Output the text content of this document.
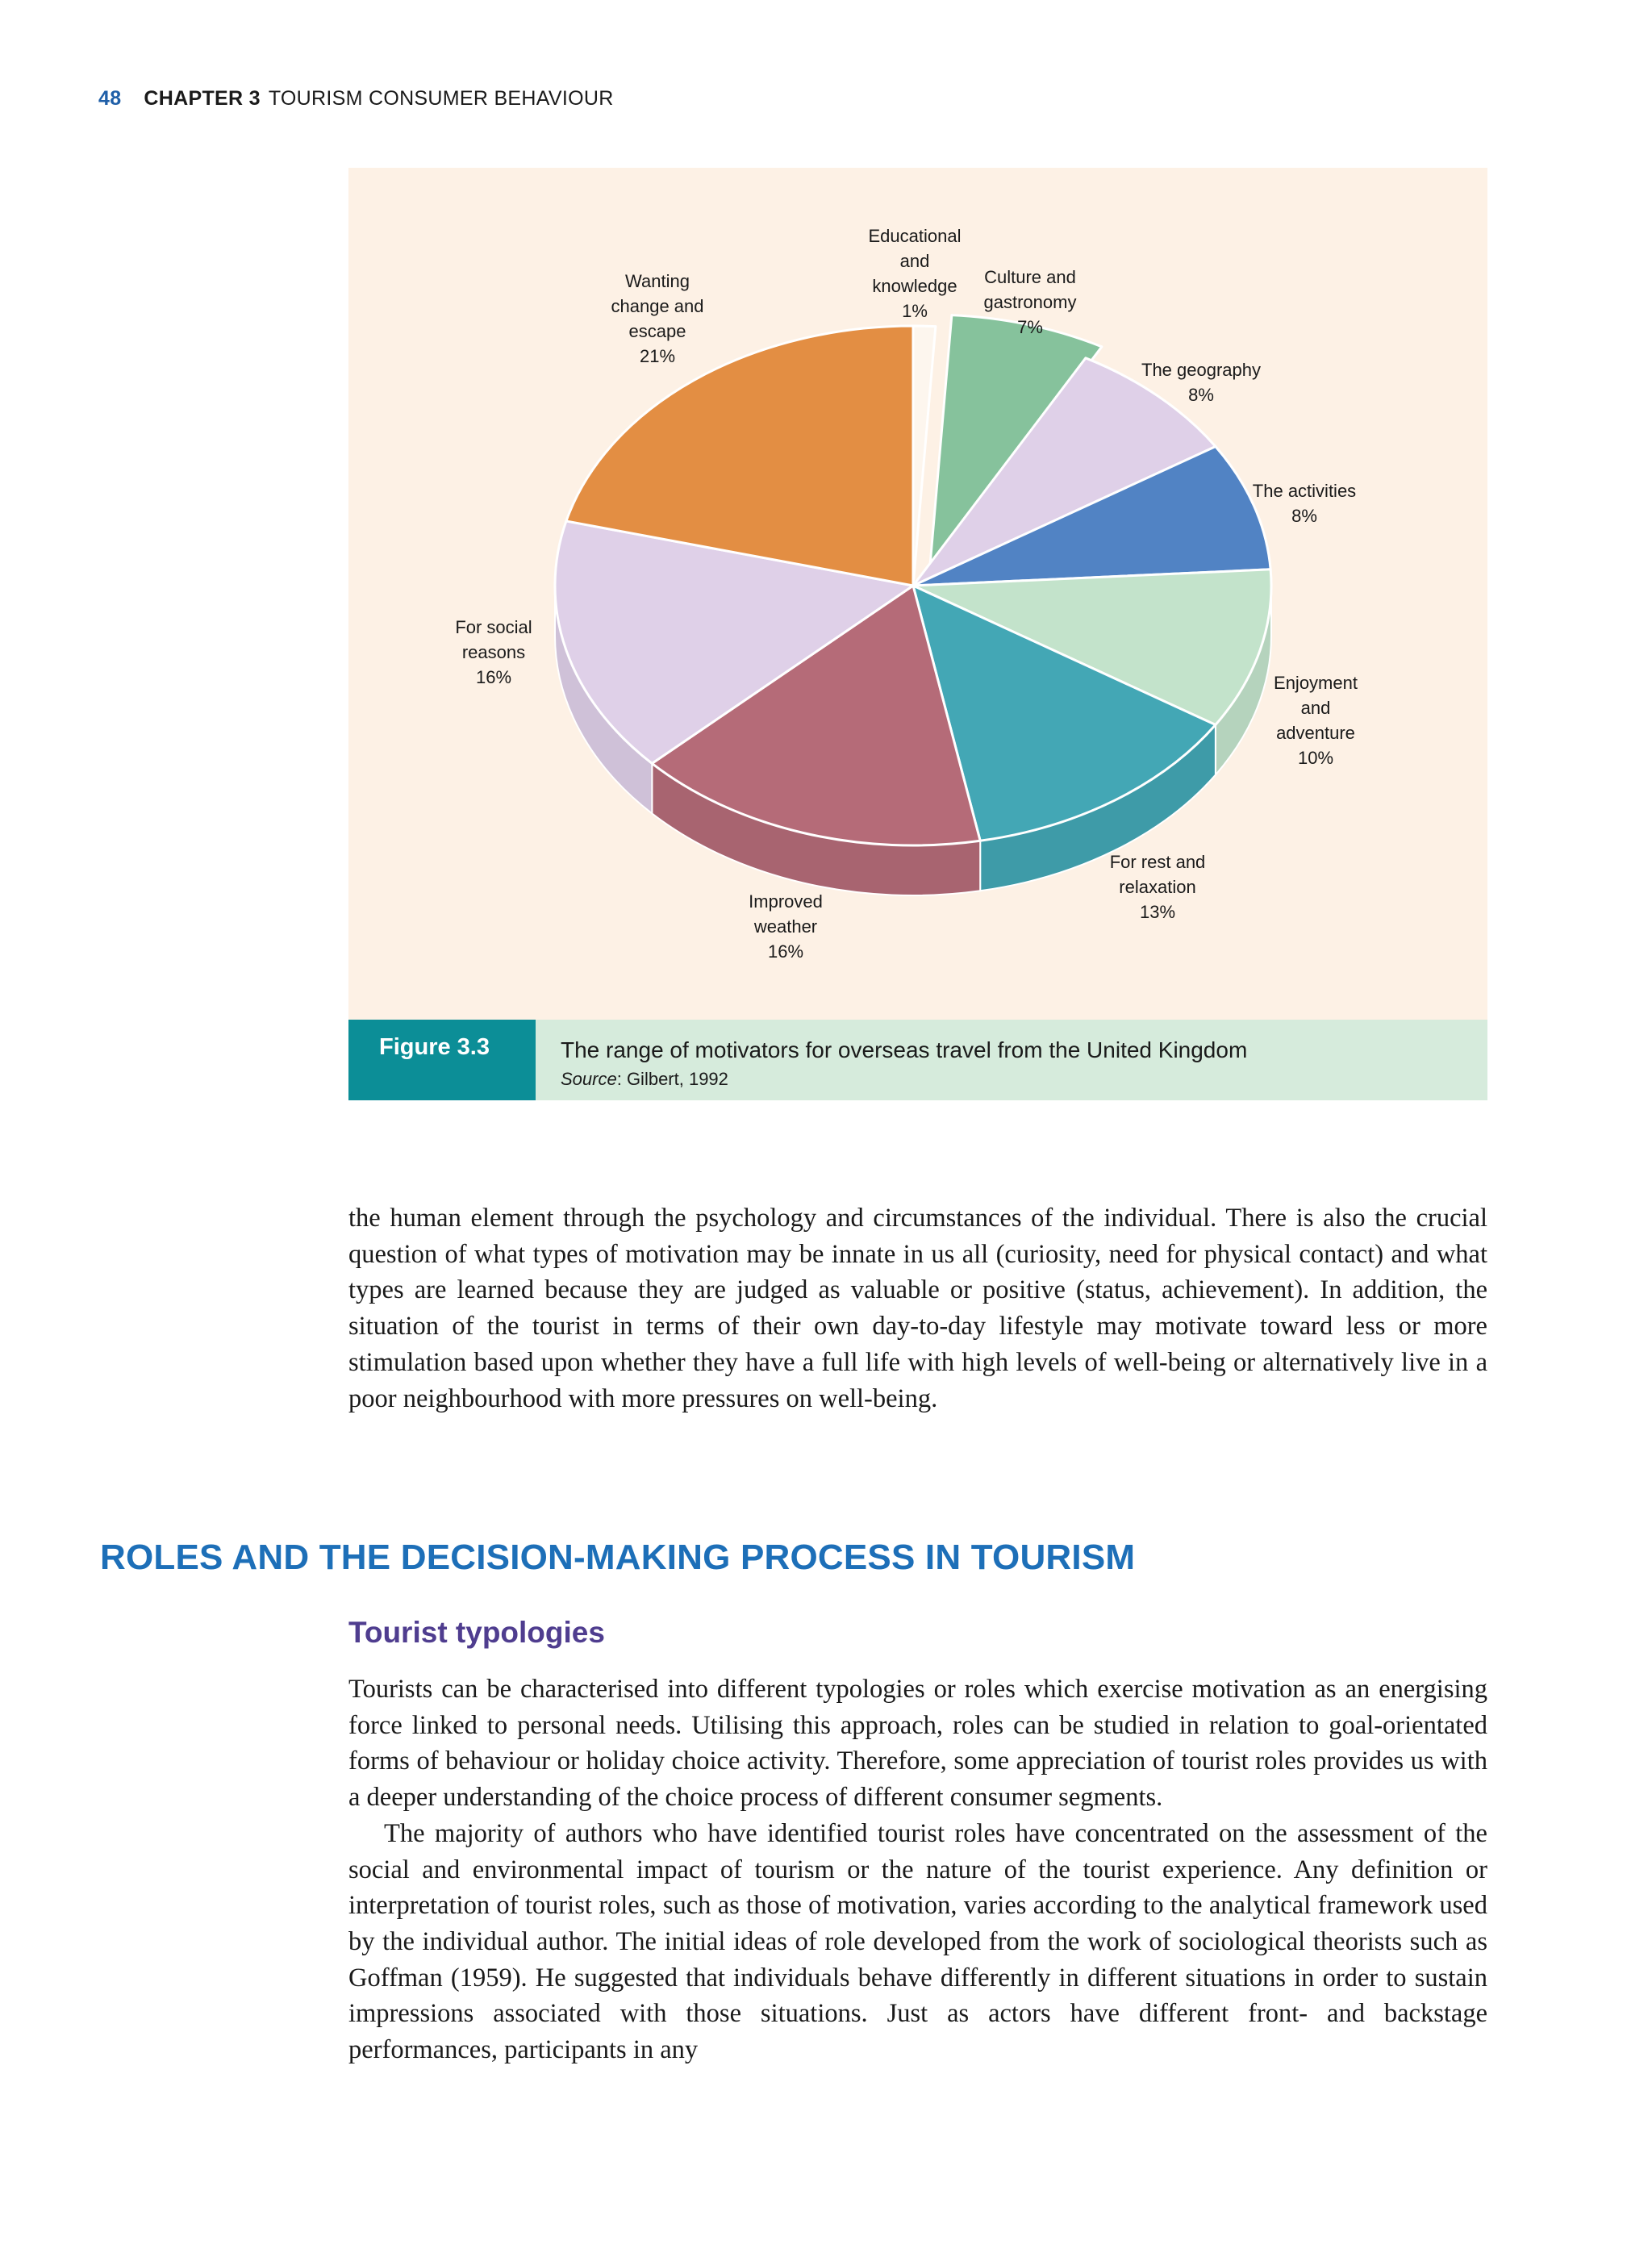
48 CHAPTER 3 TOURISM CONSUMER BEHAVIOUR
Educational and knowledge 1%
Culture and gastronomy 7%
The geography 8%
The activities 8%
Enjoyment and adventure 10%
For rest and relaxation 13%
Improved weather 16%
For social reasons 16%
Wanting change and escape 21%
Figure 3.3	The range of motivators for overseas travel from the United Kingdom
Source: Gilbert, 1992

the human element through the psychology and circumstances of the individual. There is also the crucial question of what types of motivation may be innate in us all (curiosity, need for physical contact) and what types are learned because they are judged as valuable or positive (status, achievement). In addition, the situation of the tourist in terms of their own day-to-day lifestyle may motivate toward less or more stimulation based upon whether they have a full life with high levels of well-being or alternatively live in a poor neighbourhood with more pressures on well-being.

ROLES AND THE DECISION-MAKING PROCESS IN TOURISM
Tourist typologies

Tourists can be characterised into different typologies or roles which exercise motivation as an energising force linked to personal needs. Utilising this approach, roles can be studied in relation to goal-orientated forms of behaviour or holiday choice activity. Therefore, some appreciation of tourist roles provides us with a deeper understanding of the choice process of different consumer segments.

The majority of authors who have identified tourist roles have concentrated on the assessment of the social and environmental impact of tourism or the nature of the tourist experience. Any definition or interpretation of tourist roles, such as those of motivation, varies according to the analytical framework used by the individual author. The initial ideas of role developed from the work of sociological theorists such as Goffman (1959). He suggested that individuals behave differently in different situations in order to sustain impressions associated with those situations. Just as actors have different front- and backstage performances, participants in any
